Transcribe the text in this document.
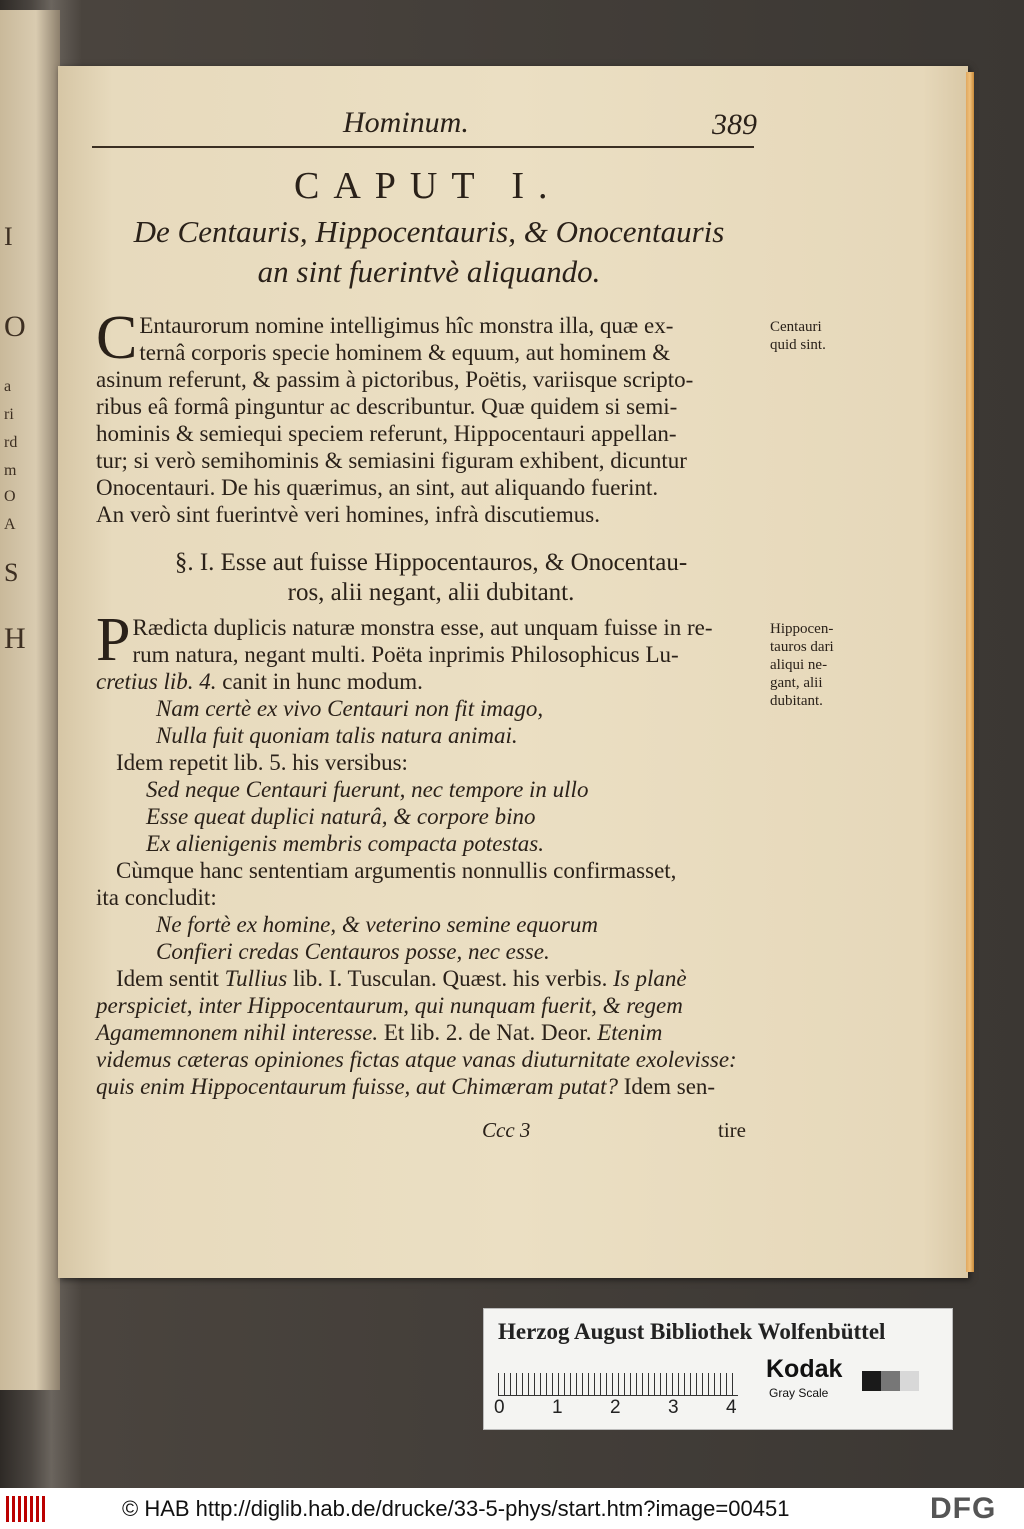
I
O
a
ri
rd
m
O
A
S
H
Hominum.	389
CAPUT I.
De Centauris, Hippocentauris, & Onocentauris
an sint fuerintvè aliquando.
C Entaurorum nomine intelligimus hîc monstra illa, quæ ex-
ternâ corporis specie hominem & equum, aut hominem &
asinum referunt, & passim à pictoribus, Poëtis, variisque scripto-
ribus eâ formâ pinguntur ac describuntur. Quæ quidem si semi-
hominis & semiequi speciem referunt, Hippocentauri appellan-
tur; si verò semihominis & semiasini figuram exhibent, dicuntur
Onocentauri. De his quærimus, an sint, aut aliquando fuerint.
An verò sint fuerintvè veri homines, infrà discutiemus.
§. I. Esse aut fuisse Hippocentauros, & Onocentau-
ros, alii negant, alii dubitant.
P Rædicta duplicis naturæ monstra esse, aut unquam fuisse in re-
rum natura, negant multi. Poëta inprimis Philosophicus Lu-
cretius lib. 4. canit in hunc modum.
Nam certè ex vivo Centauri non fit imago,
Nulla fuit quoniam talis natura animai.
Idem repetit lib. 5. his versibus:
Sed neque Centauri fuerunt, nec tempore in ullo
Esse queat duplici naturâ, & corpore bino
Ex alienigenis membris compacta potestas.
Cùmque hanc sententiam argumentis nonnullis confirmasset,
ita concludit:
Ne fortè ex homine, & veterino semine equorum
Confieri credas Centauros posse, nec esse.
Idem sentit Tullius lib. I. Tusculan. Quæst. his verbis. Is planè
perspiciet, inter Hippocentaurum, qui nunquam fuerit, & regem
Agamemnonem nihil interesse. Et lib. 2. de Nat. Deor. Etenim
videmus cæteras opiniones fictas atque vanas diuturnitate exolevisse:
quis enim Hippocentaurum fuisse, aut Chimæram putat? Idem sen-
Centauri
quid sint.
Hippocen-
tauros dari
aliqui ne-
gant, alii
dubitant.
Ccc 3	tire
Herzog August Bibliothek Wolfenbüttel
0 1 2 3 4
Kodak
Gray Scale
© HAB http://diglib.hab.de/drucke/33-5-phys/start.htm?image=00451	DFG
